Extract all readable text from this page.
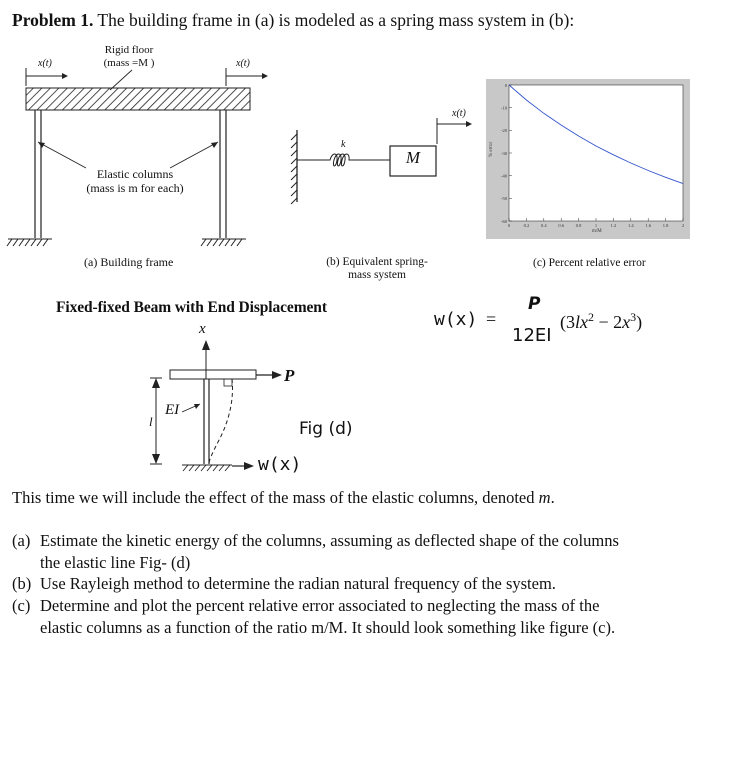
Problem 1. The building frame in (a) is modeled as a spring mass system in (b):
Rigid floor
(mass =M )
x(t)	x(t)
Elastic columns
(mass is m for each)
(a) Building frame
k
M
x(t)
(b) Equivalent spring-
mass system
0
-10
-20
-30
-40
-50
-60
0	0.2	0.4	0.6	0.8	1	1.2	1.4	1.6	1.8	2
% error
m/M
(c) Percent relative error
Fixed-fixed Beam with End Displacement
x
P
EI
l
w(x)
Fig (d)
w(x) =
P
12EI
$(3lx^2 - 2x^3)$
This time we will include the effect of the mass of the elastic columns, denoted m.
(a) Estimate the kinetic energy of the columns, assuming as deflected shape of the columns
the elastic line Fig- (d)
(b) Use Rayleigh method to determine the radian natural frequency of the system.
(c) Determine and plot the percent relative error associated to neglecting the mass of the
elastic columns as a function of the ratio m/M. It should look something like figure (c).
